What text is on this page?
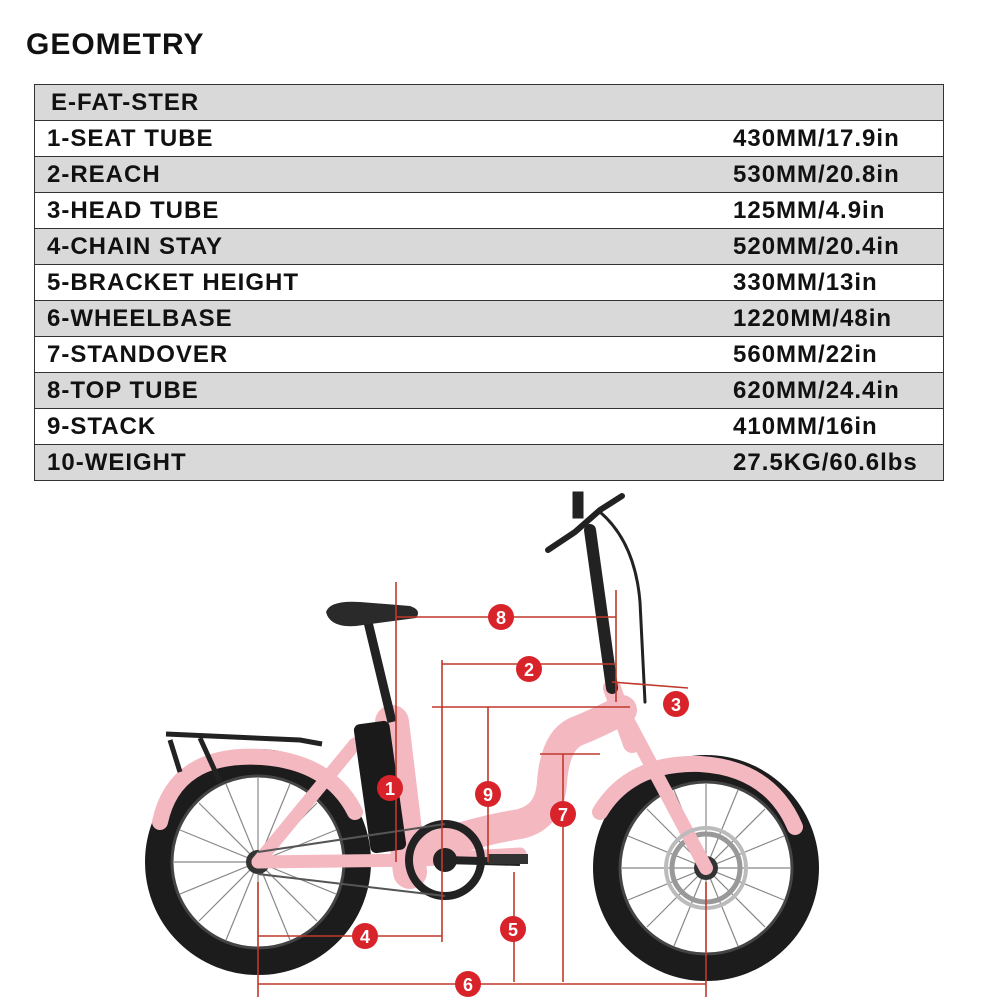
GEOMETRY
E-FAT-STER	
1-SEAT TUBE	430MM/17.9in
2-REACH	530MM/20.8in
3-HEAD TUBE	125MM/4.9in
4-CHAIN STAY	520MM/20.4in
5-BRACKET HEIGHT	330MM/13in
6-WHEELBASE	1220MM/48in
7-STANDOVER	560MM/22in
8-TOP TUBE	620MM/24.4in
9-STACK	410MM/16in
10-WEIGHT	27.5KG/60.6lbs
1
2
3
4	5
6
7
8
9
